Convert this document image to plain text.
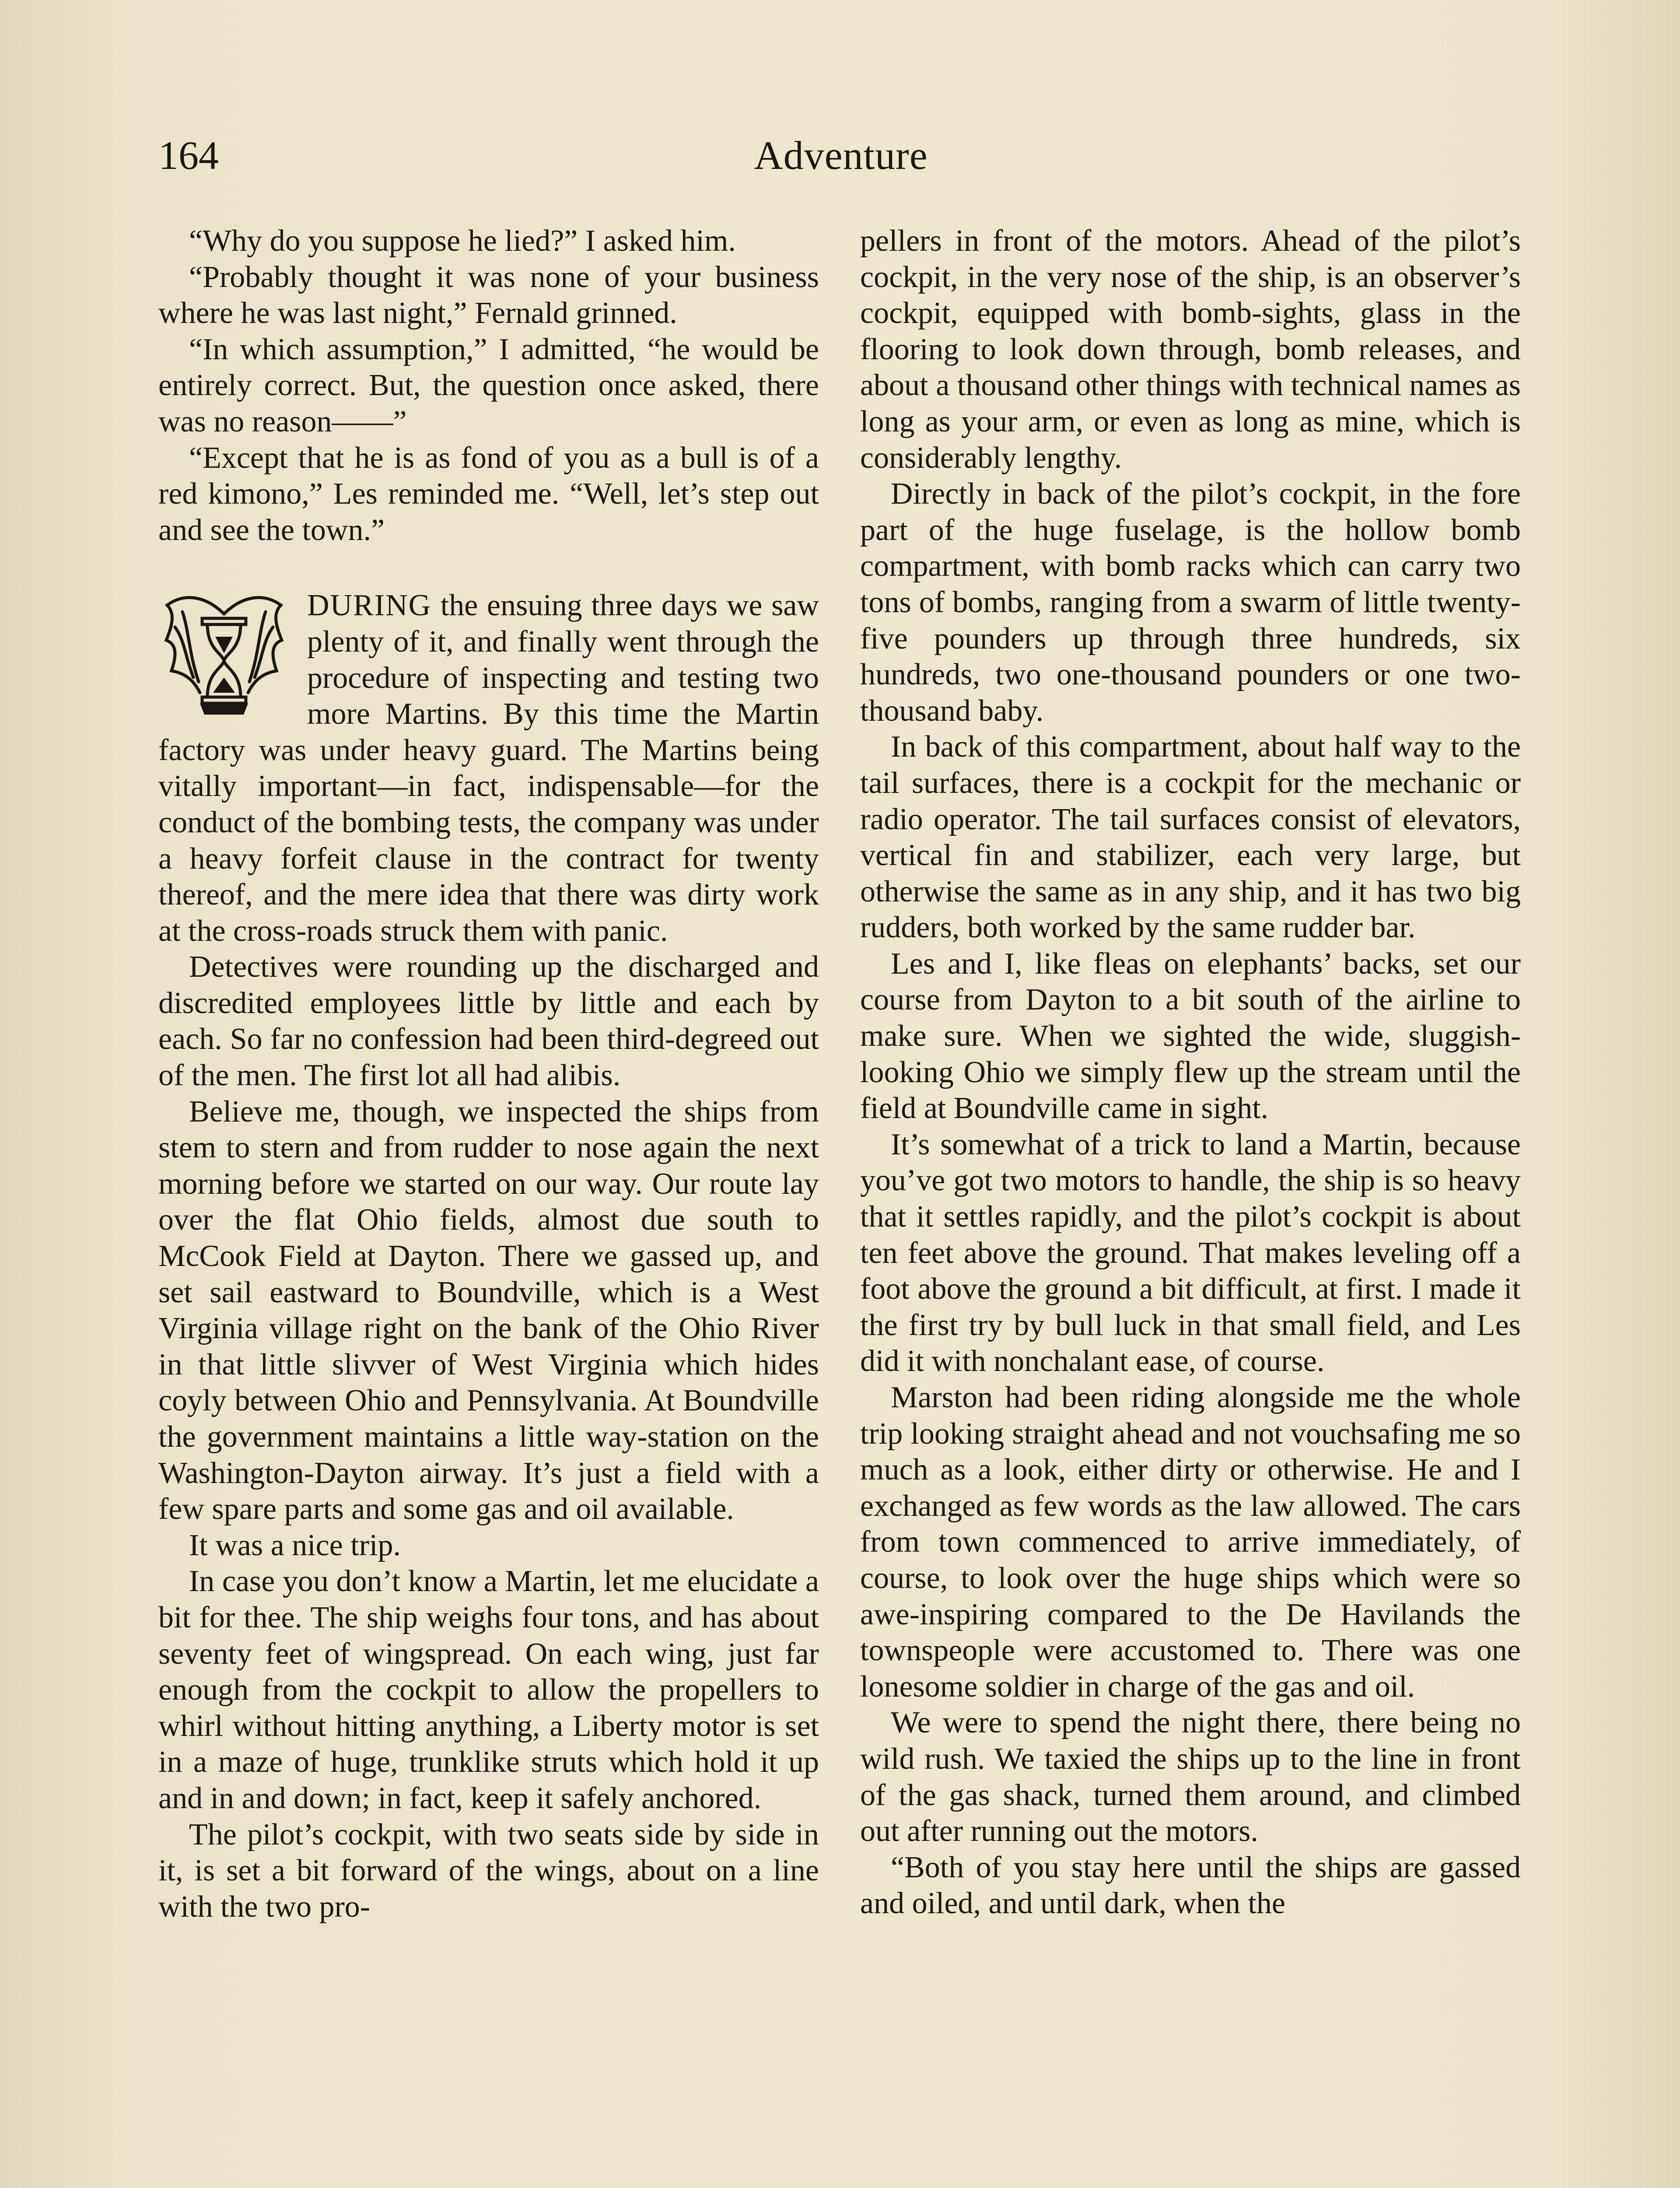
164	Adventure

“Why do you suppose he lied?” I asked him.

“Probably thought it was none of your business where he was last night,” Fernald grinned.

“In which assumption,” I admitted, “he would be entirely correct. But, the question once asked, there was no reason——”

“Except that he is as fond of you as a bull is of a red kimono,” Les reminded me. “Well, let’s step out and see the town.”

DURING the ensuing three days we saw plenty of it, and finally went through the procedure of inspecting and testing two more Martins. By this time the Martin factory was under heavy guard. The Martins being vitally important—in fact, indispensable—for the conduct of the bombing tests, the company was under a heavy forfeit clause in the contract for twenty thereof, and the mere idea that there was dirty work at the cross-roads struck them with panic.

Detectives were rounding up the discharged and discredited employees little by little and each by each. So far no confession had been third-degreed out of the men. The first lot all had alibis.

Believe me, though, we inspected the ships from stem to stern and from rudder to nose again the next morning before we started on our way. Our route lay over the flat Ohio fields, almost due south to McCook Field at Dayton. There we gassed up, and set sail eastward to Boundville, which is a West Virginia village right on the bank of the Ohio River in that little slivver of West Virginia which hides coyly between Ohio and Pennsylvania. At Boundville the government maintains a little way-station on the Washington-Dayton airway. It’s just a field with a few spare parts and some gas and oil available.

It was a nice trip.

In case you don’t know a Martin, let me elucidate a bit for thee. The ship weighs four tons, and has about seventy feet of wingspread. On each wing, just far enough from the cockpit to allow the propellers to whirl without hitting anything, a Liberty motor is set in a maze of huge, trunklike struts which hold it up and in and down; in fact, keep it safely anchored.

The pilot’s cockpit, with two seats side by side in it, is set a bit forward of the wings, about on a line with the two pro-

pellers in front of the motors. Ahead of the pilot’s cockpit, in the very nose of the ship, is an observer’s cockpit, equipped with bomb-sights, glass in the flooring to look down through, bomb releases, and about a thousand other things with technical names as long as your arm, or even as long as mine, which is considerably lengthy.

Directly in back of the pilot’s cockpit, in the fore part of the huge fuselage, is the hollow bomb compartment, with bomb racks which can carry two tons of bombs, ranging from a swarm of little twenty-five pounders up through three hundreds, six hundreds, two one-thousand pounders or one two-thousand baby.

In back of this compartment, about half way to the tail surfaces, there is a cockpit for the mechanic or radio operator. The tail surfaces consist of elevators, vertical fin and stabilizer, each very large, but otherwise the same as in any ship, and it has two big rudders, both worked by the same rudder bar.

Les and I, like fleas on elephants’ backs, set our course from Dayton to a bit south of the airline to make sure. When we sighted the wide, sluggish-looking Ohio we simply flew up the stream until the field at Boundville came in sight.

It’s somewhat of a trick to land a Martin, because you’ve got two motors to handle, the ship is so heavy that it settles rapidly, and the pilot’s cockpit is about ten feet above the ground. That makes leveling off a foot above the ground a bit difficult, at first. I made it the first try by bull luck in that small field, and Les did it with nonchalant ease, of course.

Marston had been riding alongside me the whole trip looking straight ahead and not vouchsafing me so much as a look, either dirty or otherwise. He and I exchanged as few words as the law allowed. The cars from town commenced to arrive immediately, of course, to look over the huge ships which were so awe-inspiring compared to the De Havilands the townspeople were accustomed to. There was one lonesome soldier in charge of the gas and oil.

We were to spend the night there, there being no wild rush. We taxied the ships up to the line in front of the gas shack, turned them around, and climbed out after running out the motors.

“Both of you stay here until the ships are gassed and oiled, and until dark, when the
